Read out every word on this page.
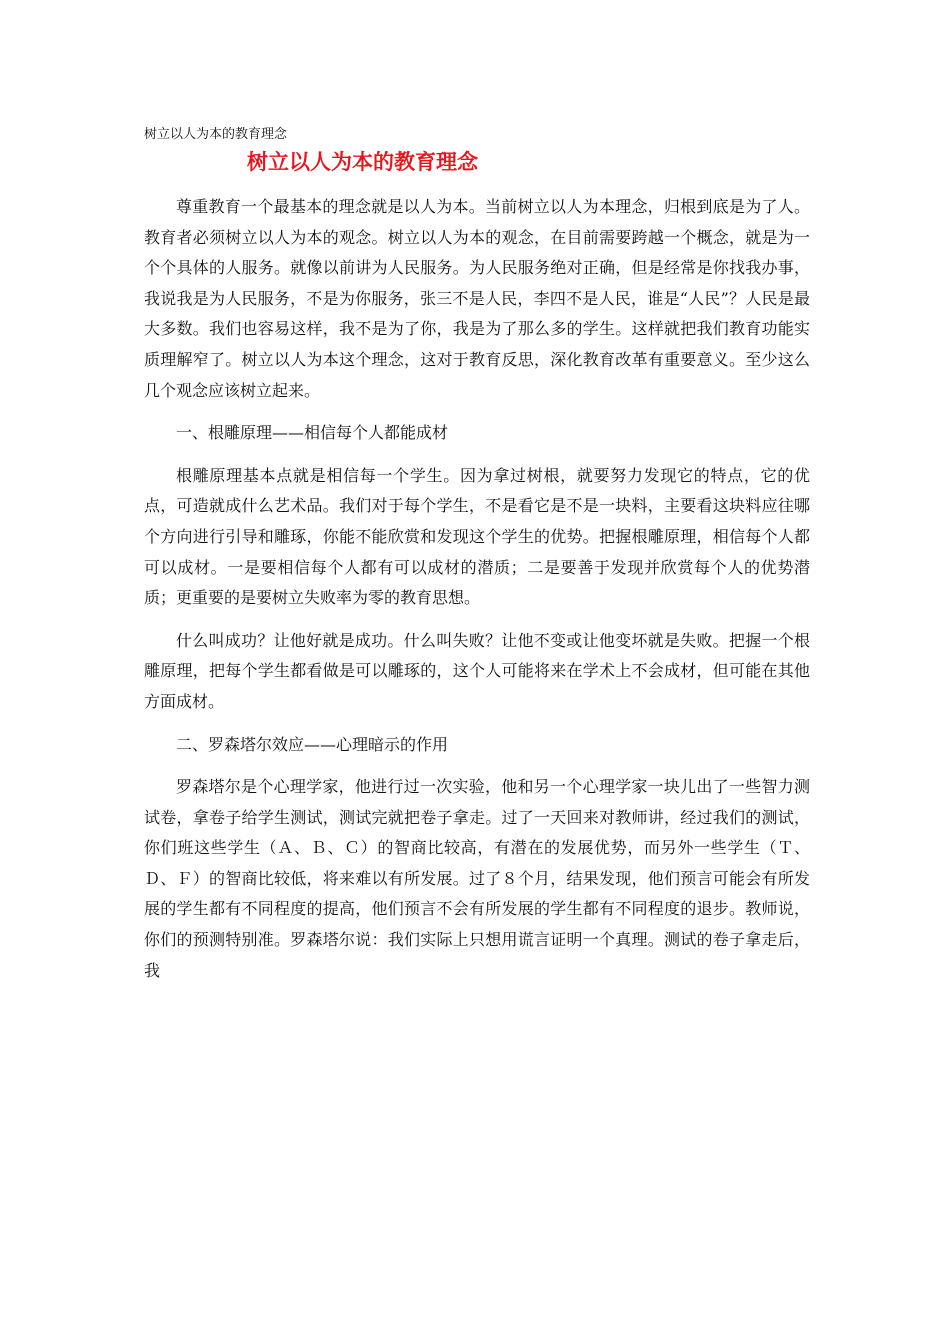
树立以人为本的教育理念
树立以人为本的教育理念

尊重教育一个最基本的理念就是以人为本。当前树立以人为本理念，归根到底是为了人。教育者必须树立以人为本的观念。树立以人为本的观念，在目前需要跨越一个概念，就是为一个个具体的人服务。就像以前讲为人民服务。为人民服务绝对正确，但是经常是你找我办事，我说我是为人民服务，不是为你服务，张三不是人民，李四不是人民，谁是“人民”？人民是最大多数。我们也容易这样，我不是为了你，我是为了那么多的学生。这样就把我们教育功能实质理解窄了。树立以人为本这个理念，这对于教育反思，深化教育改革有重要意义。至少这么几个观念应该树立起来。

一、根雕原理——相信每个人都能成材

根雕原理基本点就是相信每一个学生。因为拿过树根，就要努力发现它的特点，它的优点，可造就成什么艺术品。我们对于每个学生，不是看它是不是一块料，主要看这块料应往哪个方向进行引导和雕琢，你能不能欣赏和发现这个学生的优势。把握根雕原理，相信每个人都可以成材。一是要相信每个人都有可以成材的潜质；二是要善于发现并欣赏每个人的优势潜质；更重要的是要树立失败率为零的教育思想。

什么叫成功？让他好就是成功。什么叫失败？让他不变或让他变坏就是失败。把握一个根雕原理，把每个学生都看做是可以雕琢的，这个人可能将来在学术上不会成材，但可能在其他方面成材。

二、罗森塔尔效应——心理暗示的作用

罗森塔尔是个心理学家，他进行过一次实验，他和另一个心理学家一块儿出了一些智力测试卷，拿卷子给学生测试，测试完就把卷子拿走。过了一天回来对教师讲，经过我们的测试，你们班这些学生（Ａ、Ｂ、Ｃ）的智商比较高，有潜在的发展优势，而另外一些学生（Ｔ、Ｄ、Ｆ）的智商比较低，将来难以有所发展。过了８个月，结果发现，他们预言可能会有所发展的学生都有不同程度的提高，他们预言不会有所发展的学生都有不同程度的退步。教师说，你们的预测特别准。罗森塔尔说：我们实际上只想用谎言证明一个真理。测试的卷子拿走后，我
